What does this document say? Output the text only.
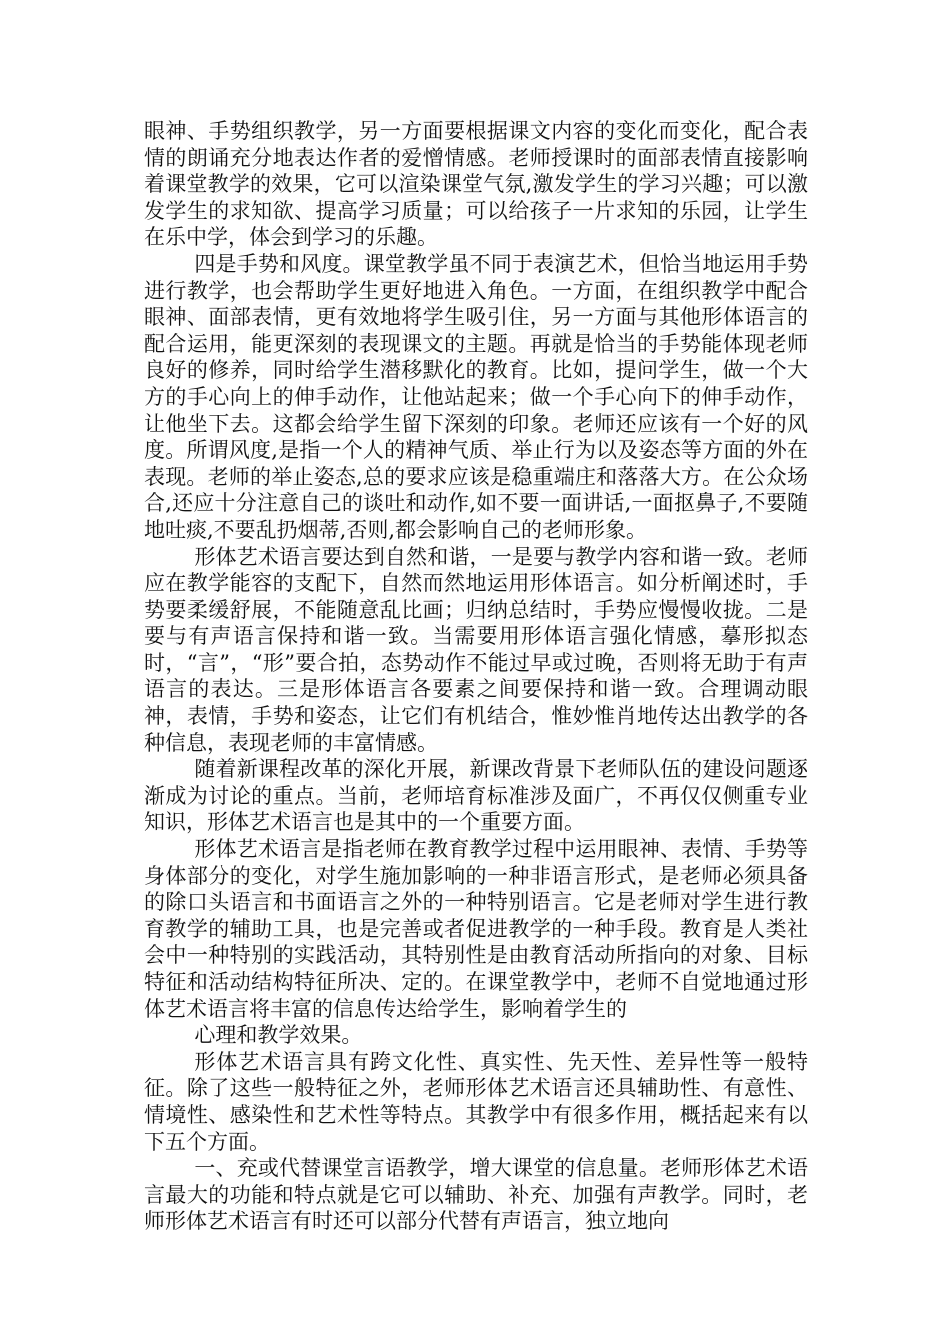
眼神、手势组织教学，另一方面要根据课文内容的变化而变化，配合表情的朗诵充分地表达作者的爱憎情感。老师授课时的面部表情直接影响着课堂教学的效果，它可以渲染课堂气氛,激发学生的学习兴趣；可以激发学生的求知欲、提高学习质量；可以给孩子一片求知的乐园，让学生在乐中学，体会到学习的乐趣。

四是手势和风度。课堂教学虽不同于表演艺术，但恰当地运用手势进行教学，也会帮助学生更好地进入角色。一方面，在组织教学中配合眼神、面部表情，更有效地将学生吸引住，另一方面与其他形体语言的配合运用，能更深刻的表现课文的主题。再就是恰当的手势能体现老师良好的修养，同时给学生潜移默化的教育。比如，提问学生，做一个大方的手心向上的伸手动作，让他站起来；做一个手心向下的伸手动作，让他坐下去。这都会给学生留下深刻的印象。老师还应该有一个好的风度。所谓风度,是指一个人的精神气质、举止行为以及姿态等方面的外在表现。老师的举止姿态,总的要求应该是稳重端庄和落落大方。在公众场合,还应十分注意自己的谈吐和动作,如不要一面讲话,一面抠鼻子,不要随地吐痰,不要乱扔烟蒂,否则,都会影响自己的老师形象。

形体艺术语言要达到自然和谐，一是要与教学内容和谐一致。老师应在教学能容的支配下，自然而然地运用形体语言。如分析阐述时，手势要柔缓舒展，不能随意乱比画；归纳总结时，手势应慢慢收拢。二是要与有声语言保持和谐一致。当需要用形体语言强化情感，摹形拟态时，“言”，“形”要合拍，态势动作不能过早或过晚，否则将无助于有声语言的表达。三是形体语言各要素之间要保持和谐一致。合理调动眼神，表情，手势和姿态，让它们有机结合，惟妙惟肖地传达出教学的各种信息，表现老师的丰富情感。

随着新课程改革的深化开展，新课改背景下老师队伍的建设问题逐渐成为讨论的重点。当前，老师培育标准涉及面广，不再仅仅侧重专业知识，形体艺术语言也是其中的一个重要方面。

形体艺术语言是指老师在教育教学过程中运用眼神、表情、手势等身体部分的变化，对学生施加影响的一种非语言形式，是老师必须具备的除口头语言和书面语言之外的一种特别语言。它是老师对学生进行教育教学的辅助工具，也是完善或者促进教学的一种手段。教育是人类社会中一种特别的实践活动，其特别性是由教育活动所指向的对象、目标特征和活动结构特征所决、定的。在课堂教学中，老师不自觉地通过形体艺术语言将丰富的信息传达给学生，影响着学生的

心理和教学效果。

形体艺术语言具有跨文化性、真实性、先天性、差异性等一般特征。除了这些一般特征之外，老师形体艺术语言还具辅助性、有意性、情境性、感染性和艺术性等特点。其教学中有很多作用，概括起来有以下五个方面。

一、充或代替课堂言语教学，增大课堂的信息量。老师形体艺术语言最大的功能和特点就是它可以辅助、补充、加强有声教学。同时，老师形体艺术语言有时还可以部分代替有声语言，独立地向
